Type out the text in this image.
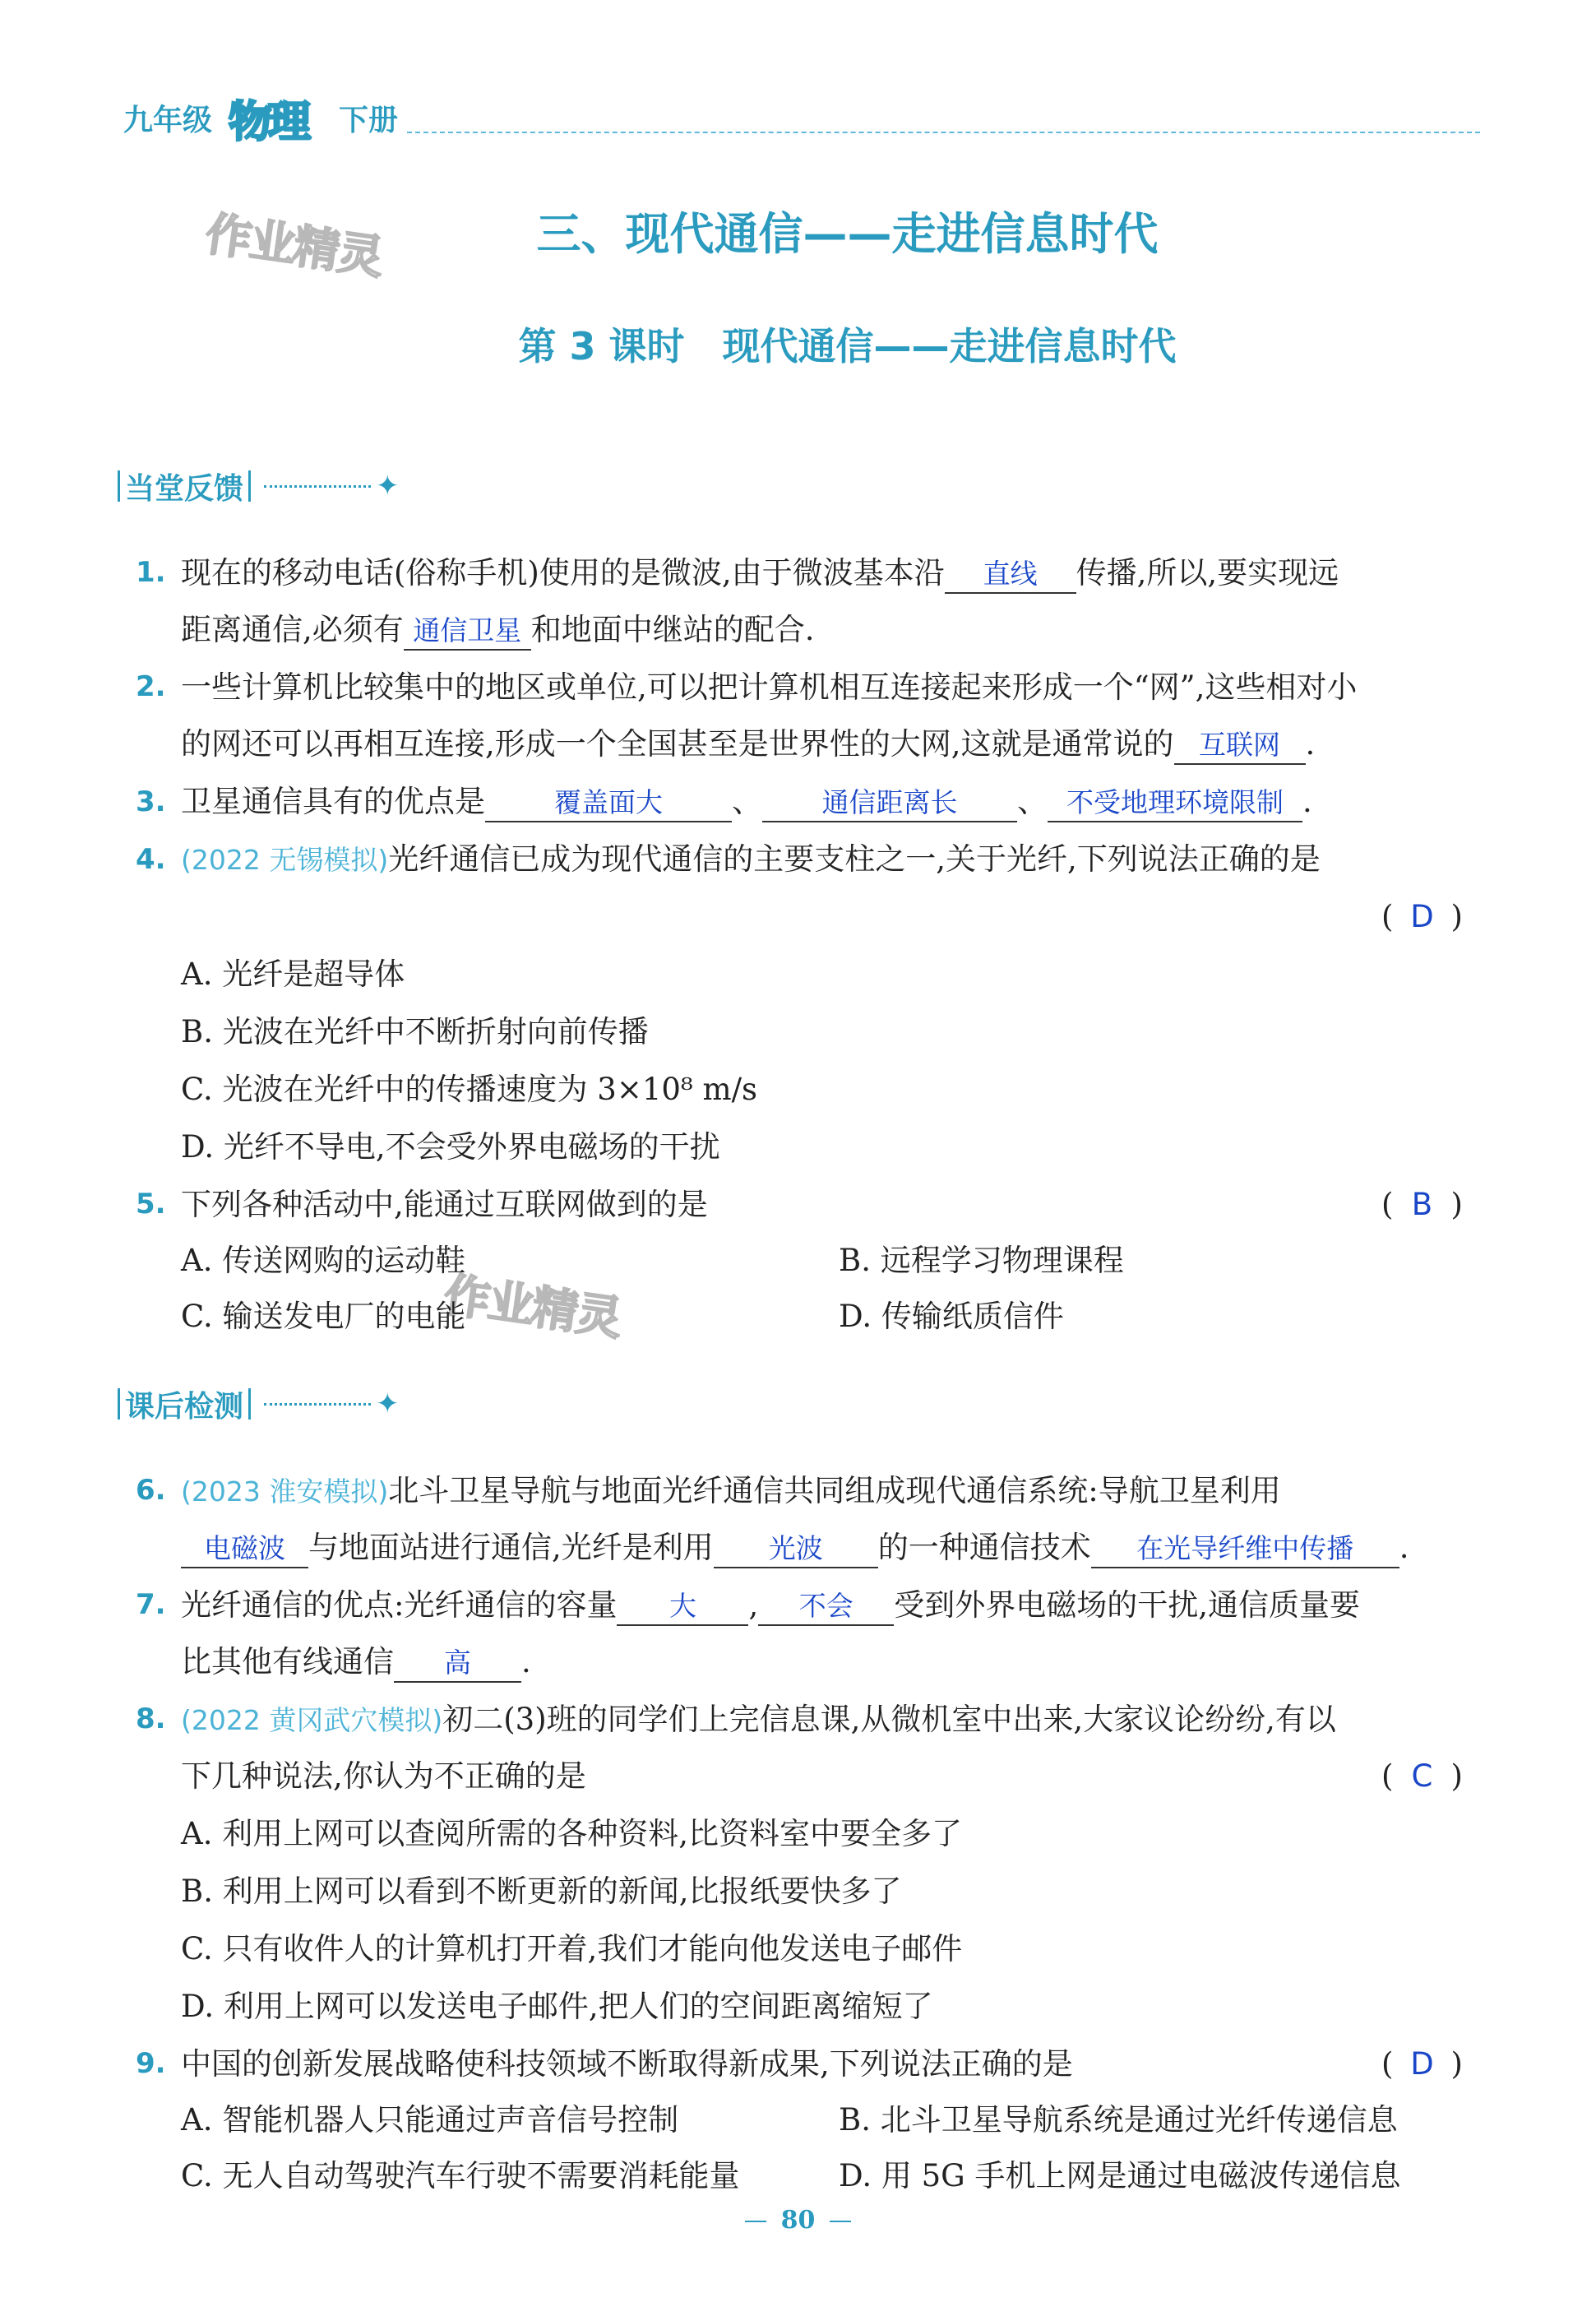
九年级 物理 下册
作业精灵
作业精灵
三、现代通信——走进信息时代
第 3 课时　现代通信——走进信息时代
当堂反馈	✦
1. 现在的移动电话(俗称手机)使用的是微波,由于微波基本沿 直线 传播,所以,要实现远
距离通信,必须有 通信卫星 和地面中继站的配合.
2. 一些计算机比较集中的地区或单位,可以把计算机相互连接起来形成一个“网”,这些相对小
的网还可以再相互连接,形成一个全国甚至是世界性的大网,这就是通常说的 互联网 .
3. 卫星通信具有的优点是	覆盖面大 、 通信距离长 、 不受地理环境限制 .
4. (2022 无锡模拟)光纤通信已成为现代通信的主要支柱之一,关于光纤,下列说法正确的是
( D )
A. 光纤是超导体
B. 光波在光纤中不断折射向前传播
C. 光波在光纤中的传播速度为 3×10⁸ m/s
D. 光纤不导电,不会受外界电磁场的干扰
5. 下列各种活动中,能通过互联网做到的是	( B )
A. 传送网购的运动鞋	B. 远程学习物理课程
C. 输送发电厂的电能	D. 传输纸质信件
课后检测	✦
6. (2023 淮安模拟)北斗卫星导航与地面光纤通信共同组成现代通信系统:导航卫星利用
电磁波 与地面站进行通信,光纤是利用 光波 的一种通信技术 在光导纤维中传播 .
7. 光纤通信的优点:光纤通信的容量 大 , 不会 受到外界电磁场的干扰,通信质量要
比其他有线通信 高 .
8. (2022 黄冈武穴模拟)初二(3)班的同学们上完信息课,从微机室中出来,大家议论纷纷,有以
下几种说法,你认为不正确的是	( C )
A. 利用上网可以查阅所需的各种资料,比资料室中要全多了
B. 利用上网可以看到不断更新的新闻,比报纸要快多了
C. 只有收件人的计算机打开着,我们才能向他发送电子邮件
D. 利用上网可以发送电子邮件,把人们的空间距离缩短了
9. 中国的创新发展战略使科技领域不断取得新成果,下列说法正确的是	( D )
A. 智能机器人只能通过声音信号控制	B. 北斗卫星导航系统是通过光纤传递信息
C. 无人自动驾驶汽车行驶不需要消耗能量	D. 用 5G 手机上网是通过电磁波传递信息
80
